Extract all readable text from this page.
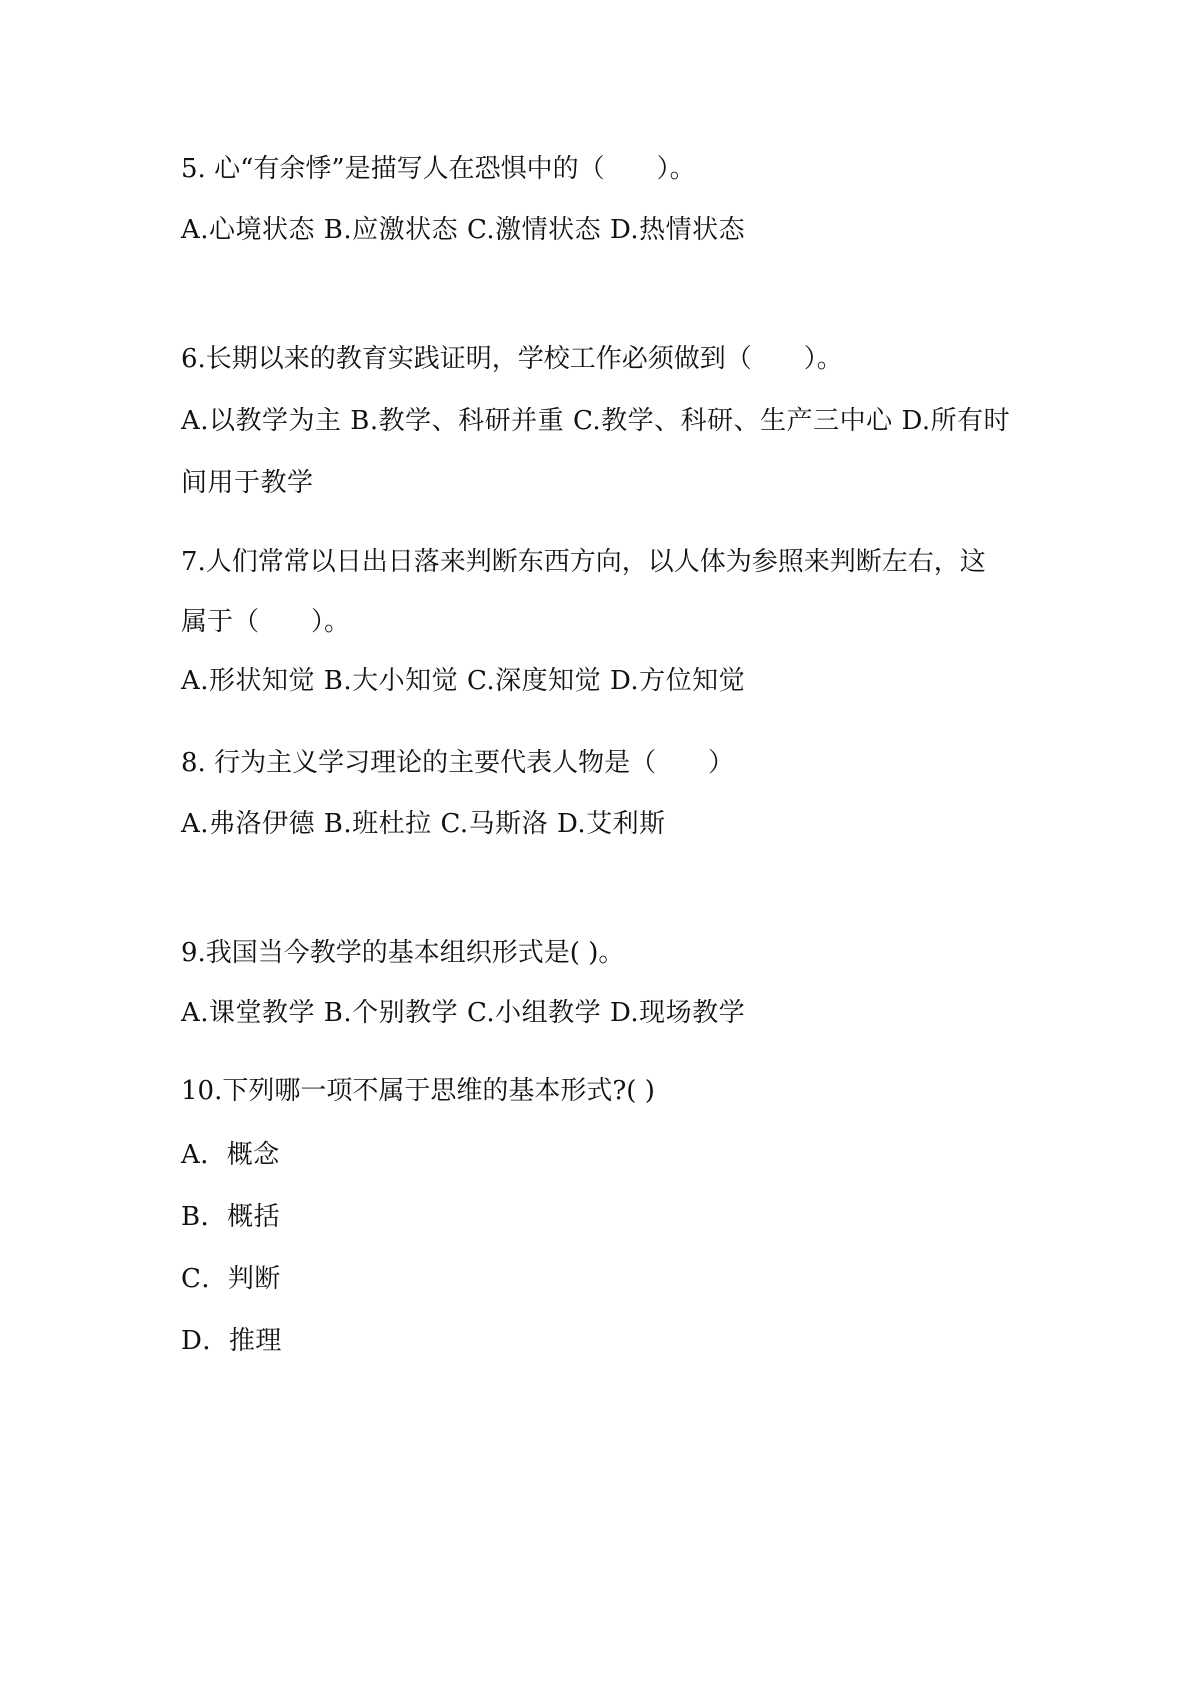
5. 心“有余悸”是描写人在恐惧中的（　　）。
A.心境状态 B.应激状态 C.激情状态 D.热情状态
6.长期以来的教育实践证明，学校工作必须做到（　　）。
A.以教学为主 B.教学、科研并重 C.教学、科研、生产三中心 D.所有时
间用于教学
7.人们常常以日出日落来判断东西方向，以人体为参照来判断左右，这
属于（　　）。
A.形状知觉 B.大小知觉 C.深度知觉 D.方位知觉
8. 行为主义学习理论的主要代表人物是（　　）
A.弗洛伊德 B.班杜拉 C.马斯洛 D.艾利斯
9.我国当今教学的基本组织形式是( )。
A.课堂教学 B.个别教学 C.小组教学 D.现场教学
10.下列哪一项不属于思维的基本形式?( )
A．概念
B．概括
C．判断
D．推理
